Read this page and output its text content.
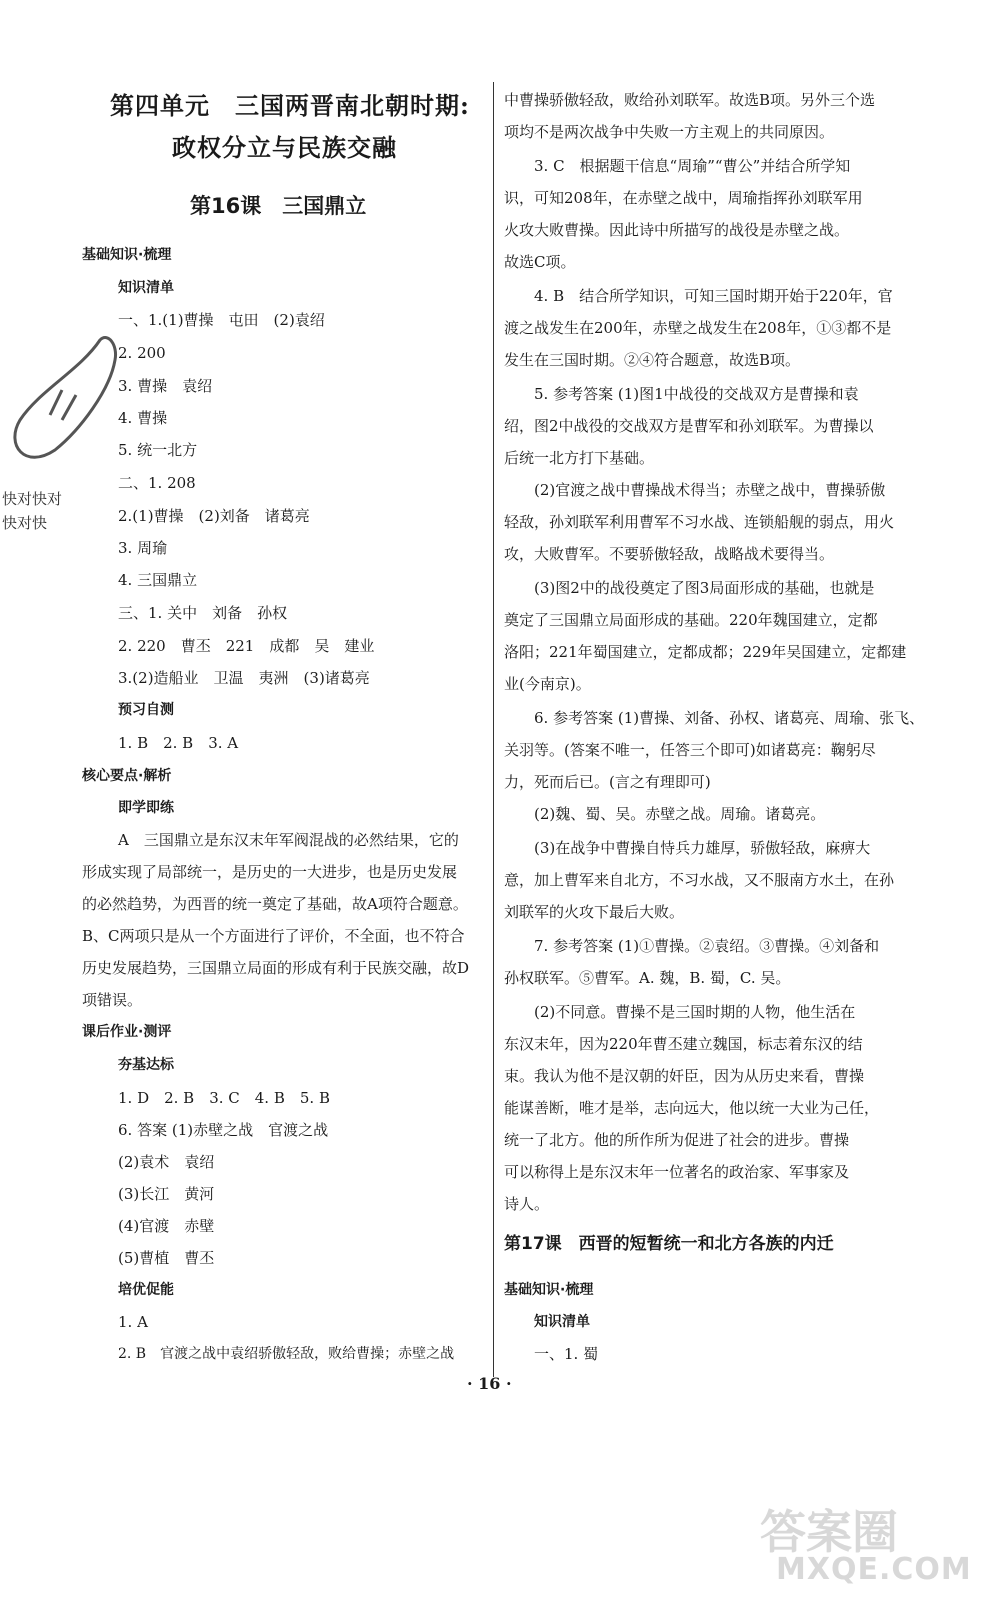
第四单元　三国两晋南北朝时期:
政权分立与民族交融
第16课　三国鼎立
基础知识·梳理
知识清单
一、1.(1)曹操　屯田　(2)袁绍
2. 200
3. 曹操　袁绍
4. 曹操
5. 统一北方
二、1. 208
2.(1)曹操　(2)刘备　诸葛亮
3. 周瑜
4. 三国鼎立
三、1. 关中　刘备　孙权
2. 220　曹丕　221　成都　吴　建业
3.(2)造船业　卫温　夷洲　(3)诸葛亮
预习自测
1. B　2. B　3. A
核心要点·解析
即学即练
A　三国鼎立是东汉末年军阀混战的必然结果，它的
形成实现了局部统一，是历史的一大进步，也是历史发展
的必然趋势，为西晋的统一奠定了基础，故A项符合题意。
B、C两项只是从一个方面进行了评价，不全面，也不符合
历史发展趋势，三国鼎立局面的形成有利于民族交融，故D
项错误。
课后作业·测评
夯基达标
1. D　2. B　3. C　4. B　5. B
6. 答案 (1)赤壁之战　官渡之战
(2)袁术　袁绍
(3)长江　黄河
(4)官渡　赤壁
(5)曹植　曹丕
培优促能
1. A
2. B　官渡之战中袁绍骄傲轻敌，败给曹操；赤壁之战
快对快对
快对快
中曹操骄傲轻敌，败给孙刘联军。故选B项。另外三个选
项均不是两次战争中失败一方主观上的共同原因。
3. C　根据题干信息“周瑜”“曹公”并结合所学知
识，可知208年，在赤壁之战中，周瑜指挥孙刘联军用
火攻大败曹操。因此诗中所描写的战役是赤壁之战。
故选C项。
4. B　结合所学知识，可知三国时期开始于220年，官
渡之战发生在200年，赤壁之战发生在208年，①③都不是
发生在三国时期。②④符合题意，故选B项。
5. 参考答案 (1)图1中战役的交战双方是曹操和袁
绍，图2中战役的交战双方是曹军和孙刘联军。为曹操以
后统一北方打下基础。
(2)官渡之战中曹操战术得当；赤壁之战中，曹操骄傲
轻敌，孙刘联军利用曹军不习水战、连锁船舰的弱点，用火
攻，大败曹军。不要骄傲轻敌，战略战术要得当。
(3)图2中的战役奠定了图3局面形成的基础，也就是
奠定了三国鼎立局面形成的基础。220年魏国建立，定都
洛阳；221年蜀国建立，定都成都；229年吴国建立，定都建
业(今南京)。
6. 参考答案 (1)曹操、刘备、孙权、诸葛亮、周瑜、张飞、
关羽等。(答案不唯一，任答三个即可)如诸葛亮：鞠躬尽
力，死而后已。(言之有理即可)
(2)魏、蜀、吴。赤壁之战。周瑜。诸葛亮。
(3)在战争中曹操自恃兵力雄厚，骄傲轻敌，麻痹大
意，加上曹军来自北方，不习水战，又不服南方水土，在孙
刘联军的火攻下最后大败。
7. 参考答案 (1)①曹操。②袁绍。③曹操。④刘备和
孙权联军。⑤曹军。A. 魏，B. 蜀，C. 吴。
(2)不同意。曹操不是三国时期的人物，他生活在
东汉末年，因为220年曹丕建立魏国，标志着东汉的结
束。我认为他不是汉朝的奸臣，因为从历史来看，曹操
能谋善断，唯才是举，志向远大，他以统一大业为己任，
统一了北方。他的所作所为促进了社会的进步。曹操
可以称得上是东汉末年一位著名的政治家、军事家及
诗人。
第17课　西晋的短暂统一和北方各族的内迁
基础知识·梳理
知识清单
一、1. 蜀
· 16 ·
答案圈
MXQE.COM
